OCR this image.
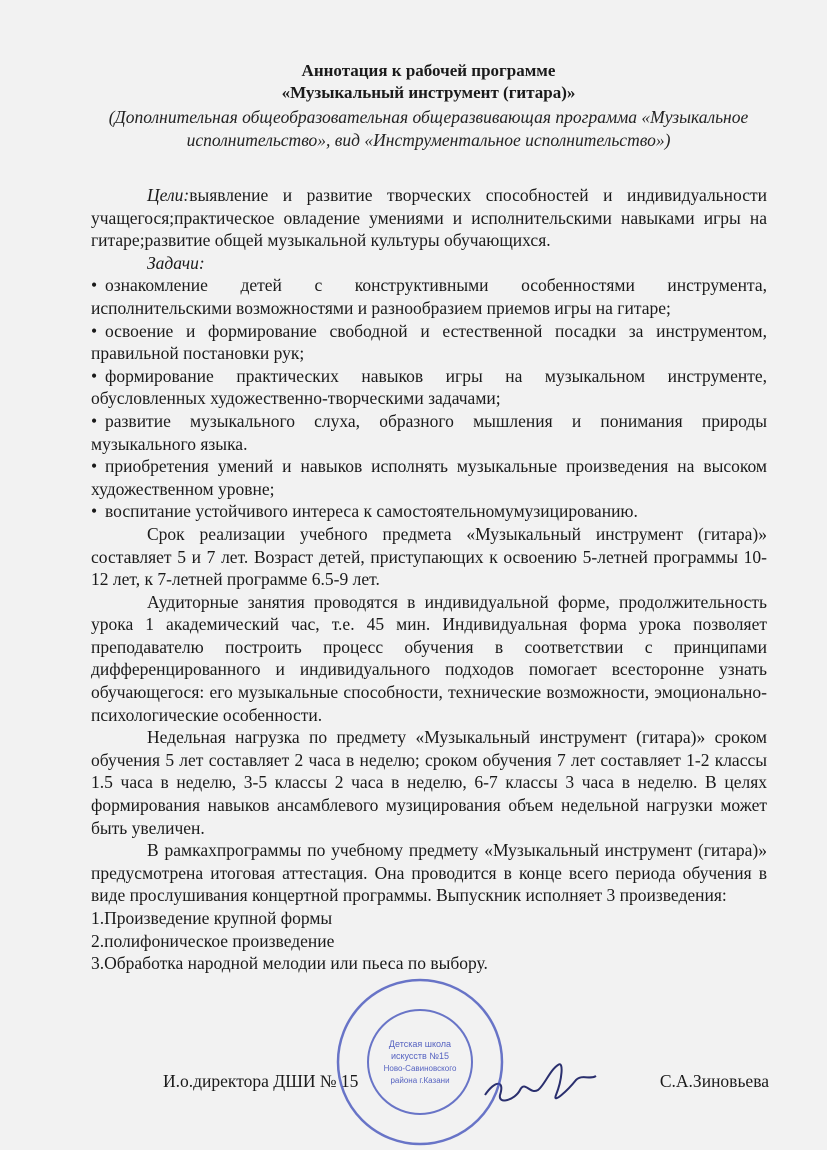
Аннотация к рабочей программе
«Музыкальный инструмент (гитара)»
(Дополнительная общеобразовательная общеразвивающая программа «Музыкальное исполнительство», вид «Инструментальное исполнительство»)

Цели:выявление и развитие творческих способностей и индивидуальности учащегося;практическое овладение умениями и исполнительскими навыками игры на гитаре;развитие общей музыкальной культуры обучающихся.

Задачи:

• ознакомление детей с конструктивными особенностями инструмента, исполнительскими возможностями и разнообразием приемов игры на гитаре;

• освоение и формирование свободной и естественной посадки за инструментом, правильной постановки рук;

• формирование практических навыков игры на музыкальном инструменте, обусловленных художественно-творческими задачами;

• развитие музыкального слуха, образного мышления и понимания природы музыкального языка.

• приобретения умений и навыков исполнять музыкальные произведения на высоком художественном уровне;

• воспитание устойчивого интереса к самостоятельномумузицированию.

Срок реализации учебного предмета «Музыкальный инструмент (гитара)» составляет 5 и 7 лет. Возраст детей, приступающих к освоению 5-летней программы 10-12 лет, к 7-летней программе 6.5-9 лет.

Аудиторные занятия проводятся в индивидуальной форме, продолжительность урока 1 академический час, т.е. 45 мин. Индивидуальная форма урока позволяет преподавателю построить процесс обучения в соответствии с принципами дифференцированного и индивидуального подходов помогает всесторонне узнать обучающегося: его музыкальные способности, технические возможности, эмоционально-психологические особенности.

Недельная нагрузка по предмету «Музыкальный инструмент (гитара)» сроком обучения 5 лет составляет 2 часа в неделю; сроком обучения 7 лет составляет 1-2 классы 1.5 часа в неделю, 3-5 классы 2 часа в неделю, 6-7 классы 3 часа в неделю. В целях формирования навыков ансамблевого музицирования объем недельной нагрузки может быть увеличен.

В рамкахпрограммы по учебному предмету «Музыкальный инструмент (гитара)» предусмотрена итоговая аттестация. Она проводится в конце всего периода обучения в виде прослушивания концертной программы. Выпускник исполняет 3 произведения:

1.Произведение крупной формы

2.полифоническое произведение

3.Обработка народной мелодии или пьеса по выбору.

И.о.директора ДШИ № 15	С.А.Зиновьева
Детская школа
искусств №15
Ново-Савиновского
района г.Казани
